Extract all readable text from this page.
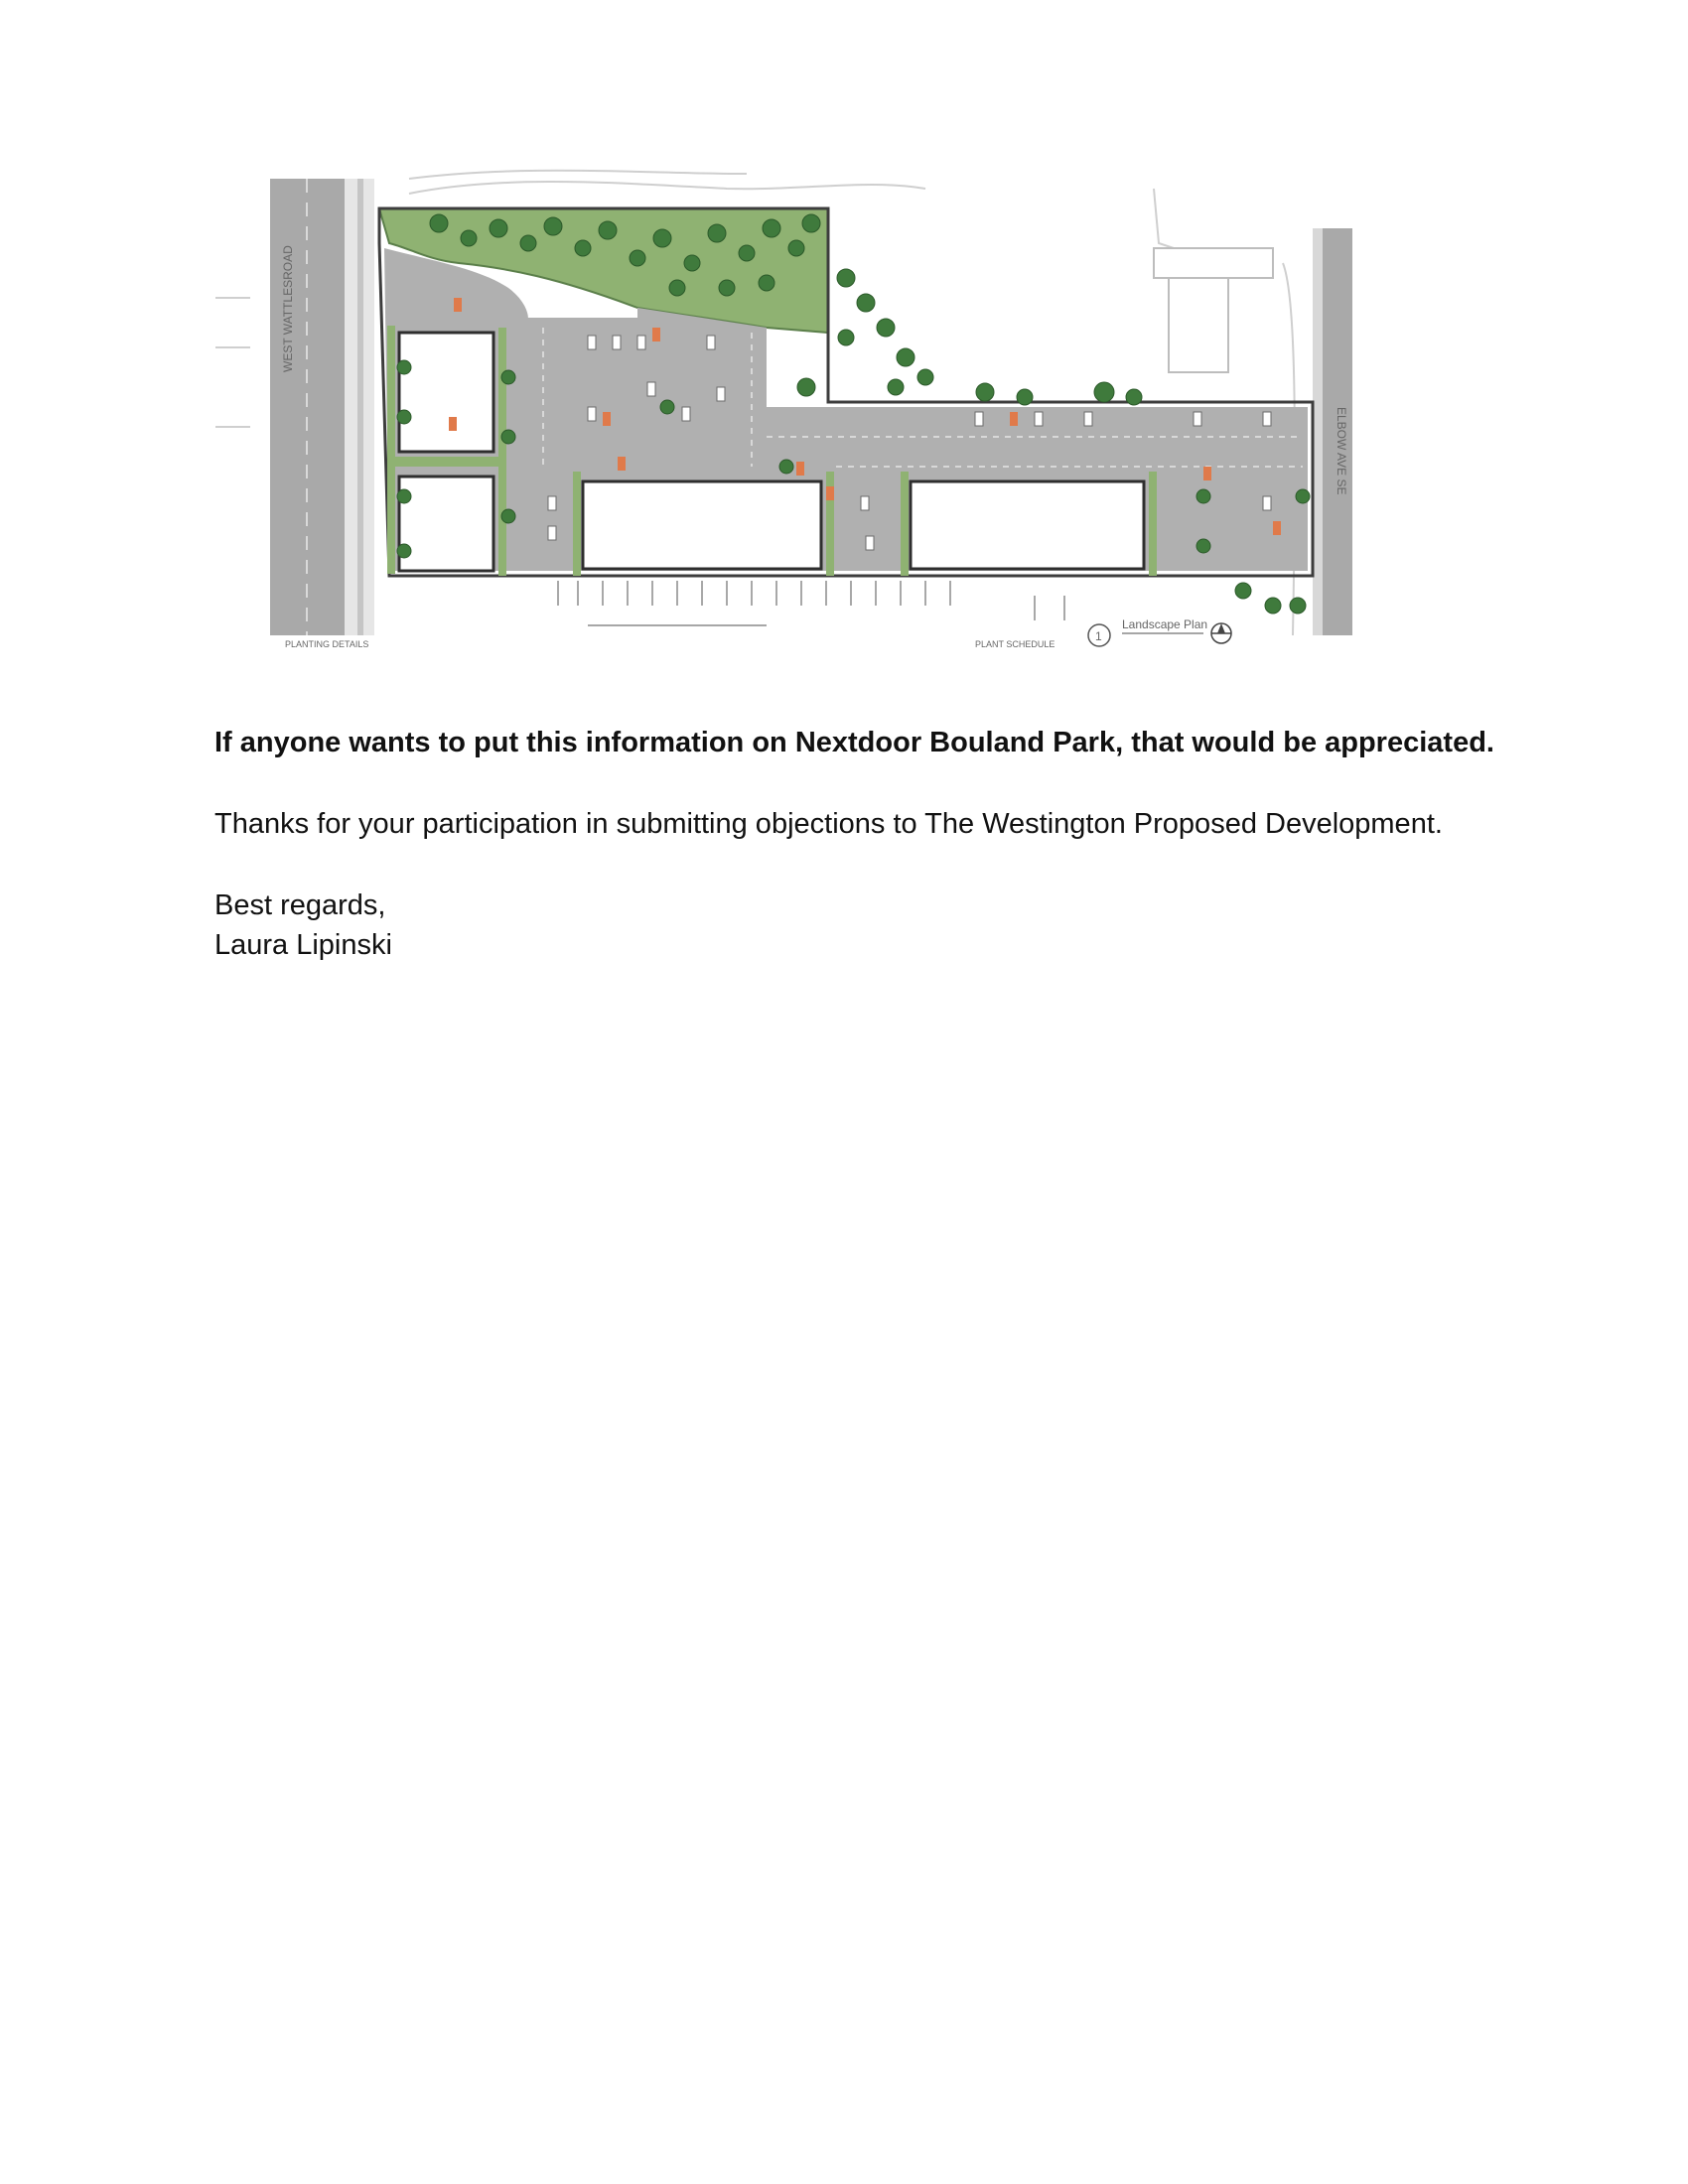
WEST WATTLESROAD
ELBOW AVE SE
PLANTING DETAILS	PLANT SCHEDULE
1
Landscape Plan

If anyone wants to put this information on Nextdoor Bouland Park, that would be appreciated.

Thanks for your participation in submitting objections to The Westington Proposed Development.

Best regards,

Laura Lipinski
